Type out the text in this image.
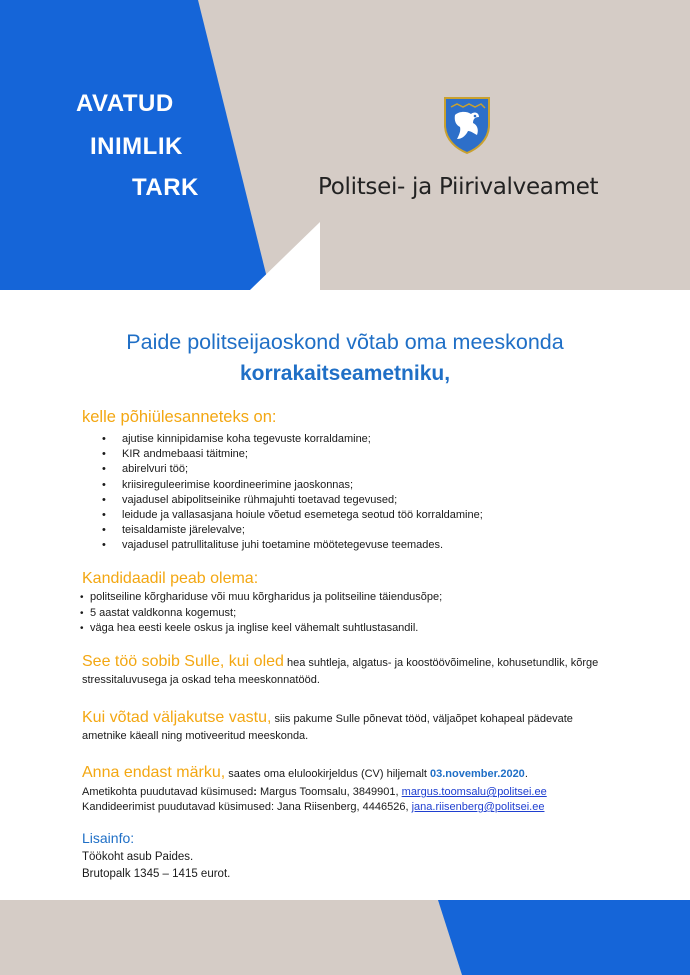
AVATUD
INIMLIK
TARK	Politsei- ja Piirivalveamet
Paide politseijaoskond võtab oma meeskonda
korrakaitseametniku,
kelle põhiülesanneteks on:
• ajutise kinnipidamise koha tegevuste korraldamine;
• KIR andmebaasi täitmine;
• abirelvuri töö;
• kriisireguleerimise koordineerimine jaoskonnas;
• vajadusel abipolitseinike rühmajuhti toetavad tegevused;
• leidude ja vallasasjana hoiule võetud esemetega seotud töö korraldamine;
• teisaldamiste järelevalve;
• vajadusel patrullitalituse juhi toetamine möötetegevuse teemades.
Kandidaadil peab olema:
• politseiline kõrghariduse või muu kõrgharidus ja politseiline täiendusõpe;
• 5 aastat valdkonna kogemust;
• väga hea eesti keele oskus ja inglise keel vähemalt suhtlustasandil.
See töö sobib Sulle, kui oled hea suhtleja, algatus- ja koostöövõimeline, kohusetundlik, kõrge stressitaluvusega ja oskad teha meeskonnatööd.
Kui võtad väljakutse vastu, siis pakume Sulle põnevat tööd, väljaõpet kohapeal pädevate ametnike käeall ning motiveeritud meeskonda.
Anna endast märku, saates oma elulookirjeldus (CV) hiljemalt 03.november.2020.
Ametikohta puudutavad küsimused: Margus Toomsalu, 3849901, margus.toomsalu@politsei.ee
Kandideerimist puudutavad küsimused: Jana Riisenberg, 4446526, jana.riisenberg@politsei.ee
Lisainfo:
Töökoht asub Paides.
Brutopalk 1345 – 1415 eurot.
